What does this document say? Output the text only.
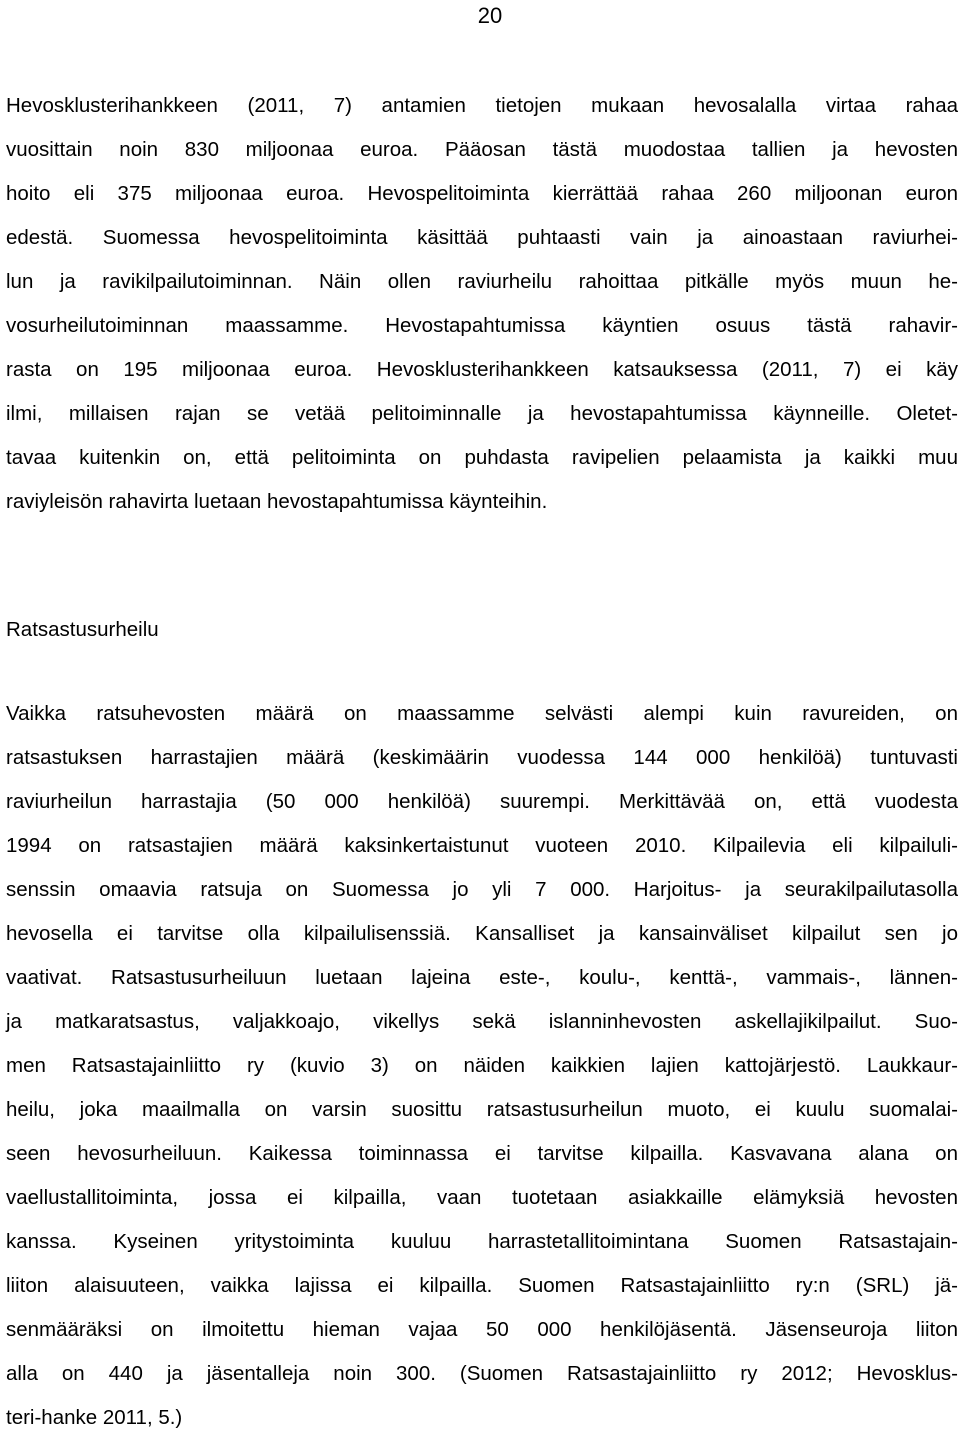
20
Hevosklusterihankkeen (2011, 7) antamien tietojen mukaan hevosalalla virtaa rahaa
vuosittain noin 830 miljoonaa euroa. Pääosan tästä muodostaa tallien ja hevosten
hoito eli 375 miljoonaa euroa. Hevospelitoiminta kierrättää rahaa 260 miljoonan euron
edestä. Suomessa hevospelitoiminta käsittää puhtaasti vain ja ainoastaan raviurhei-
lun ja ravikilpailutoiminnan. Näin ollen raviurheilu rahoittaa pitkälle myös muun he-
vosurheilutoiminnan maassamme. Hevostapahtumissa käyntien osuus tästä rahavir-
rasta on 195 miljoonaa euroa. Hevosklusterihankkeen katsauksessa (2011, 7) ei käy
ilmi, millaisen rajan se vetää pelitoiminnalle ja hevostapahtumissa käynneille. Oletet-
tavaa kuitenkin on, että pelitoiminta on puhdasta ravipelien pelaamista ja kaikki muu
raviyleisön rahavirta luetaan hevostapahtumissa käynteihin.
Ratsastusurheilu
Vaikka ratsuhevosten määrä on maassamme selvästi alempi kuin ravureiden, on
ratsastuksen harrastajien määrä (keskimäärin vuodessa 144 000 henkilöä) tuntuvasti
raviurheilun harrastajia (50 000 henkilöä) suurempi. Merkittävää on, että vuodesta
1994 on ratsastajien määrä kaksinkertaistunut vuoteen 2010. Kilpailevia eli kilpailuli-
senssin omaavia ratsuja on Suomessa jo yli 7 000. Harjoitus- ja seurakilpailutasolla
hevosella ei tarvitse olla kilpailulisenssiä. Kansalliset ja kansainväliset kilpailut sen jo
vaativat. Ratsastusurheiluun luetaan lajeina este-, koulu-, kenttä-, vammais-, lännen-
ja matkaratsastus, valjakkoajo, vikellys sekä islanninhevosten askellajikilpailut. Suo-
men Ratsastajainliitto ry (kuvio 3) on näiden kaikkien lajien kattojärjestö. Laukkaur-
heilu, joka maailmalla on varsin suosittu ratsastusurheilun muoto, ei kuulu suomalai-
seen hevosurheiluun. Kaikessa toiminnassa ei tarvitse kilpailla. Kasvavana alana on
vaellustallitoiminta, jossa ei kilpailla, vaan tuotetaan asiakkaille elämyksiä hevosten
kanssa. Kyseinen yritystoiminta kuuluu harrastetallitoimintana Suomen Ratsastajain-
liiton alaisuuteen, vaikka lajissa ei kilpailla. Suomen Ratsastajainliitto ry:n (SRL) jä-
senmääräksi on ilmoitettu hieman vajaa 50 000 henkilöjäsentä. Jäsenseuroja liiton
alla on 440 ja jäsentalleja noin 300. (Suomen Ratsastajainliitto ry 2012; Hevosklus-
teri-hanke 2011, 5.)
